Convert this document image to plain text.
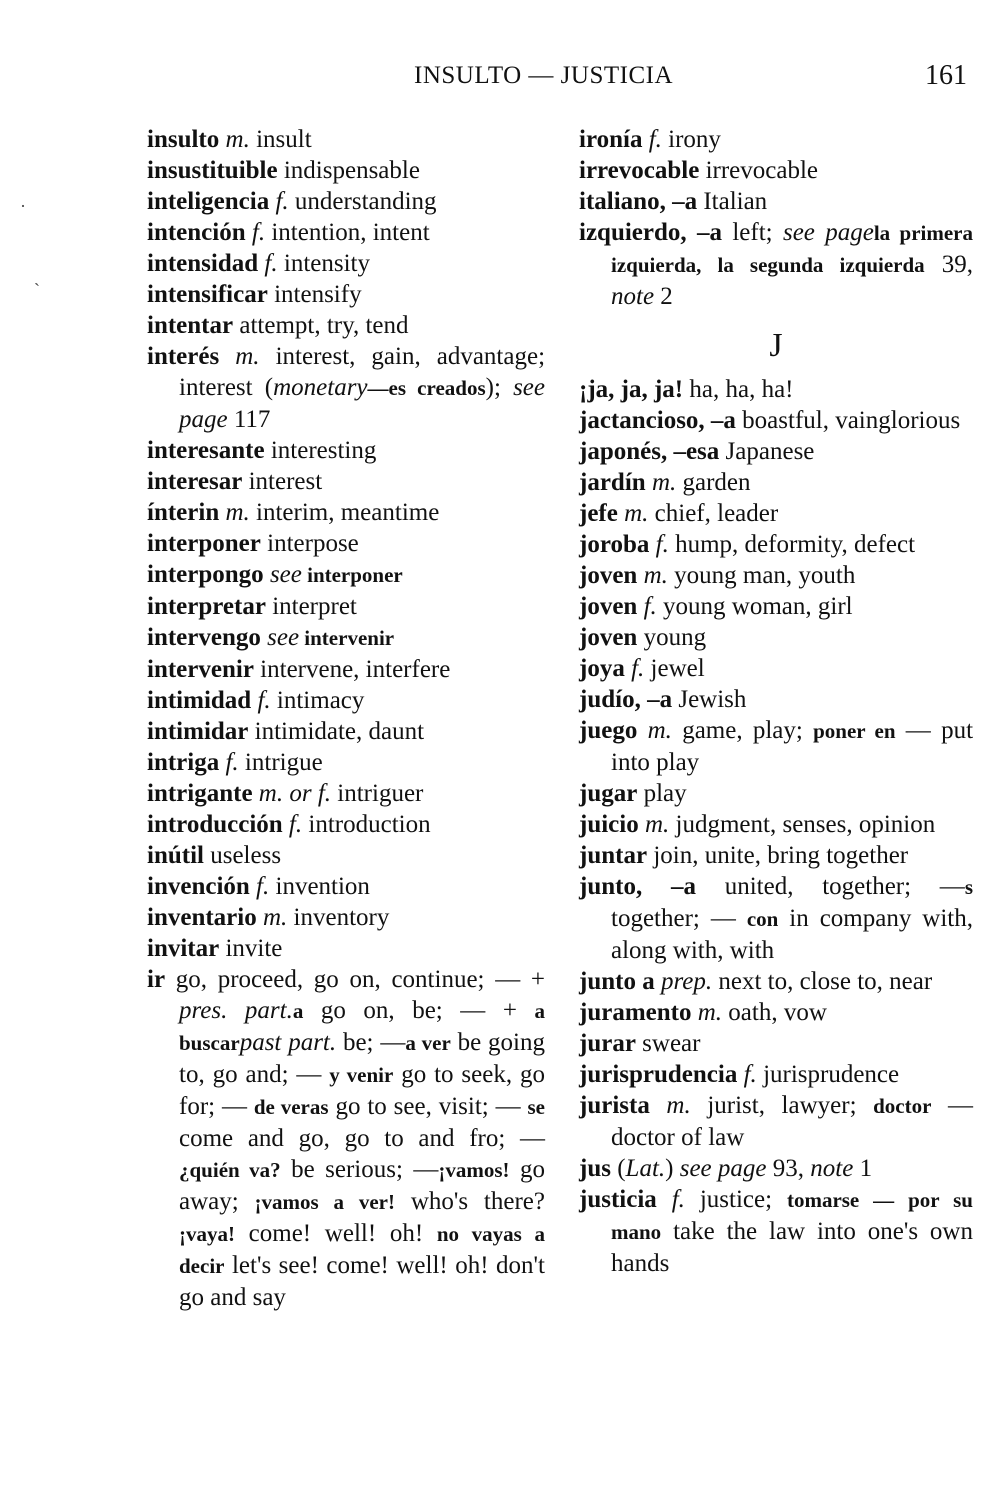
INSULTO — JUSTICIA	161
·
ˋ
insulto m. insult
insustituible indispensable
inteligencia f. understanding
intención f. intention, intent
intensidad f. intensity
intensificar intensify
intentar attempt, try, tend
interés m. interest, gain, advantage; interest (monetary—es creados); see page 117
interesante interesting
interesar interest
ínterin m. interim, meantime
interponer interpose
interpongo see interponer
interpretar interpret
intervengo see intervenir
intervenir intervene, interfere
intimidad f. intimacy
intimidar intimidate, daunt
intriga f. intrigue
intrigante m. or f. intriguer
introducción f. introduction
inútil useless
invención f. invention
inventario m. inventory
invitar invite
ir go, proceed, go on, continue; — + pres. part.a go on, be; — + a buscarpast part. be; —a ver be going to, go and; — y venir go to seek, go for; — de veras go to see, visit; — se come and go, go to and fro; — ¿quién va? be serious; —¡vamos! go away; ¡vamos a ver! who's there? ¡vaya! come! well! oh! no vayas a decir let's see! come! well! oh! don't go and say
ironía f. irony
irrevocable irrevocable
italiano, –a Italian
izquierdo, –a left; see pagela primera izquierda, la segunda izquierda 39, note 2
J
¡ja, ja, ja! ha, ha, ha!
jactancioso, –a boastful, vainglorious
japonés, –esa Japanese
jardín m. garden
jefe m. chief, leader
joroba f. hump, deformity, defect
joven m. young man, youth
joven f. young woman, girl
joven young
joya f. jewel
judío, –a Jewish
juego m. game, play; poner en — put into play
jugar play
juicio m. judgment, senses, opinion
juntar join, unite, bring together
junto, –a united, together; —s together; — con in company with, along with, with
junto a prep. next to, close to, near
juramento m. oath, vow
jurar swear
jurisprudencia f. jurisprudence
jurista m. jurist, lawyer; doctor — doctor of law
jus (Lat.) see page 93, note 1
justicia f. justice; tomarse — por su mano take the law into one's own hands
